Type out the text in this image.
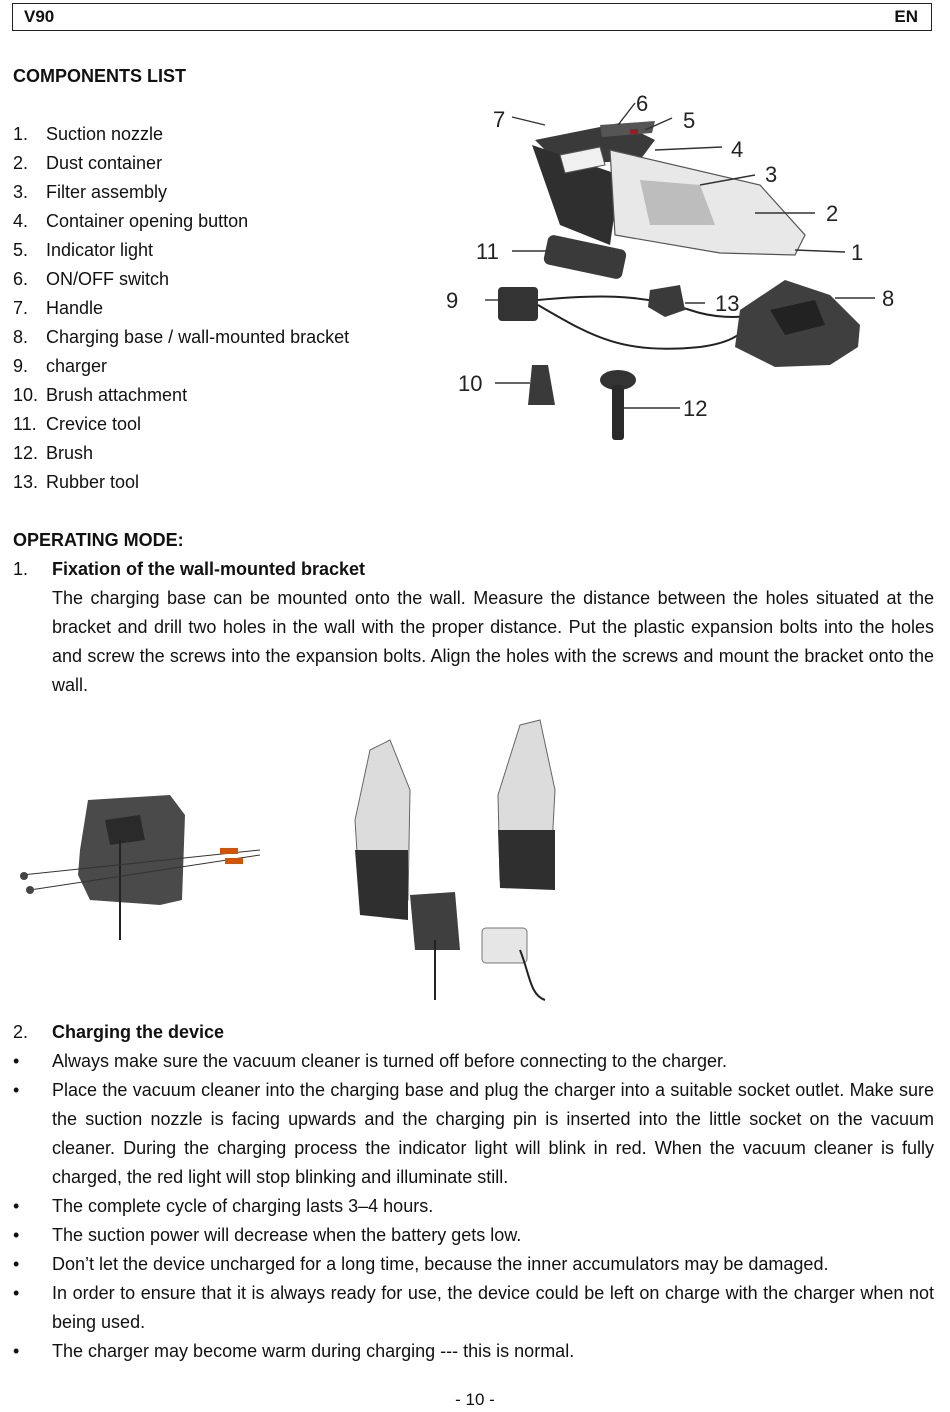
V90	EN
COMPONENTS LIST
1. Suction nozzle
2. Dust container
3. Filter assembly
4. Container opening button
5. Indicator light
6. ON/OFF switch
7. Handle
8. Charging base / wall-mounted bracket
9. charger
10. Brush attachment
11. Crevice tool
12. Brush
13. Rubber tool
7
6
5
4
3
2
1
8
9
10
11
12
13
OPERATING MODE:
1.	Fixation of the wall-mounted bracket

The charging base can be mounted onto the wall. Measure the distance between the holes situated at the bracket and drill two holes in the wall with the proper distance. Put the plastic expansion bolts into the holes and screw the screws into the expansion bolts. Align the holes with the screws and mount the bracket onto the wall.

2.	Charging the device
•	Always make sure the vacuum cleaner is turned off before connecting to the charger.
•	Place the vacuum cleaner into the charging base and plug the charger into a suitable socket outlet. Make sure the suction nozzle is facing upwards and the charging pin is inserted into the little socket on the vacuum cleaner. During the charging process the indicator light will blink in red. When the vacuum cleaner is fully charged, the red light will stop blinking and illuminate still.
•	The complete cycle of charging lasts 3–4 hours.
•	The suction power will decrease when the battery gets low.
•	Don’t let the device uncharged for a long time, because the inner accumulators may be damaged.
•	In order to ensure that it is always ready for use, the device could be left on charge with the charger when not being used.
•	The charger may become warm during charging --- this is normal.
- 10 -
